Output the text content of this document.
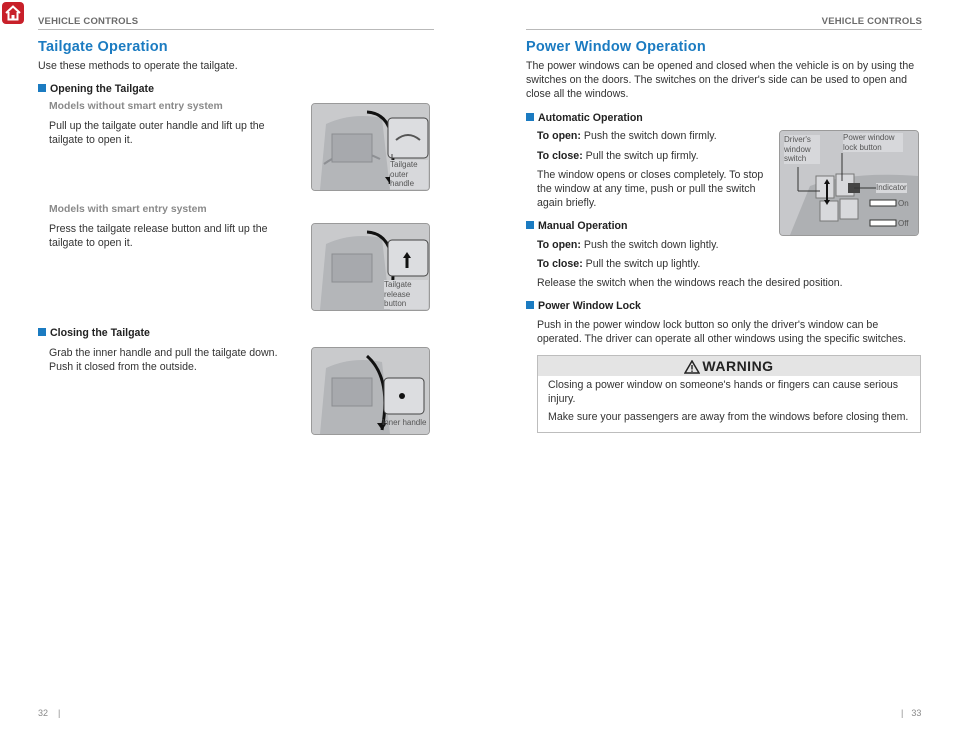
VEHICLE CONTROLS	VEHICLE CONTROLS
Tailgate Operation
Use these methods to operate the tailgate.
Opening the Tailgate
Models without smart entry system
Pull up the tailgate outer handle and lift up the tailgate to open it.
Tailgate
outer
handle
Models with smart entry system
Press the tailgate release button and lift up the tailgate to open it.
Tailgate
release
button
Closing the Tailgate
Grab the inner handle and pull the tailgate down. Push it closed from the outside.
Inner handle
32 |
Power Window Operation
The power windows can be opened and closed when the vehicle is on by using the switches on the doors. The switches on the driver's side can be used to open and close all the windows.
Automatic Operation
To open: Push the switch down firmly.
To close: Pull the switch up firmly.
The window opens or closes completely. To stop the window at any time, push or pull the switch again briefly.
Driver's
window
switch
Power window
lock button
Indicator
On
Off
Manual Operation
To open: Push the switch down lightly.
To close: Pull the switch up lightly.
Release the switch when the windows reach the desired position.
Power Window Lock
Push in the power window lock button so only the driver's window can be operated. The driver can operate all other windows using the specific switches.
WARNING
Closing a power window on someone's hands or fingers can cause serious injury.
Make sure your passengers are away from the windows before closing them.
| 33
